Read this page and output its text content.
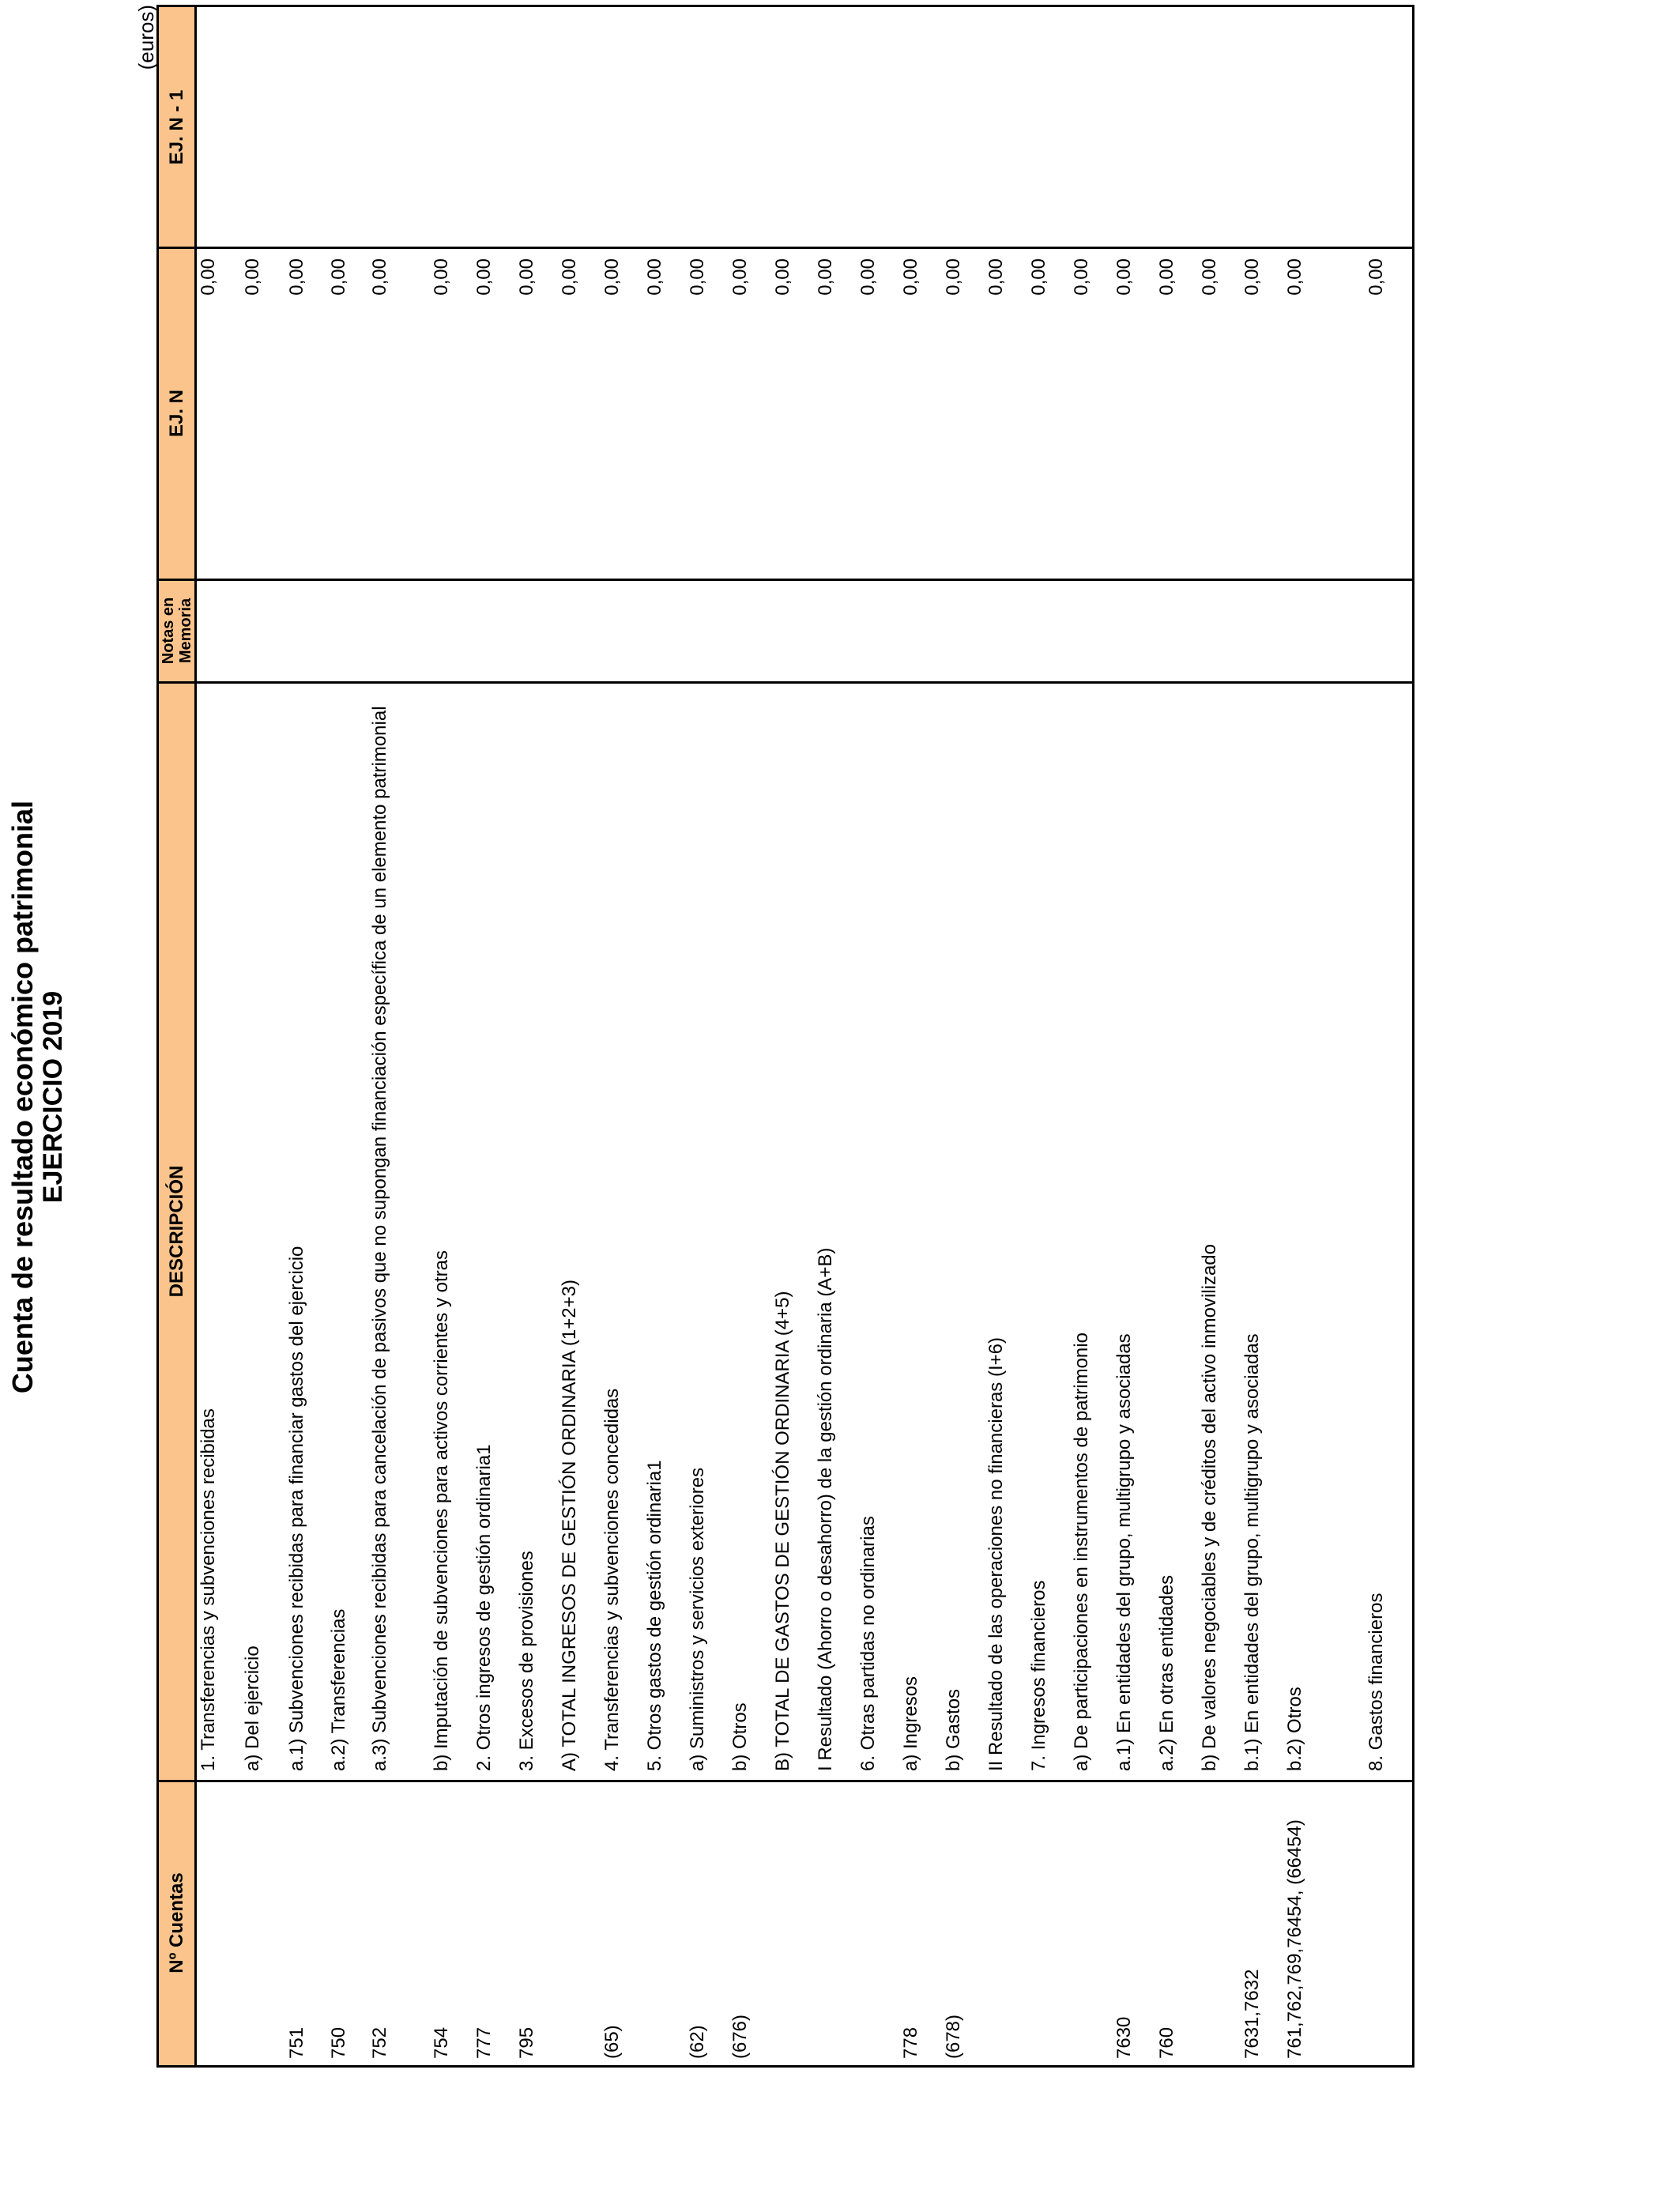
Cuenta de resultado económico patrimonial EJERCICIO 2019
(euros)
Nº Cuentas
DESCRIPCIÓN
Notas en Memoria
EJ. N
EJ. N - 1
1. Transferencias y subvenciones recibidas
0,00
a) Del ejercicio
0,00
751
a.1) Subvenciones recibidas para financiar gastos del ejercicio
0,00
750
a.2) Transferencias
0,00
752
a.3) Subvenciones recibidas para cancelación de pasivos que no supongan financiación específica de un elemento patrimonial
0,00
754
b) Imputación de subvenciones para activos corrientes y otras
0,00
777
2. Otros ingresos de gestión ordinaria1
0,00
795
3. Excesos de provisiones
0,00
A) TOTAL INGRESOS DE GESTIÓN ORDINARIA (1+2+3)
0,00
(65)
4. Transferencias y subvenciones concedidas
0,00
5. Otros gastos de gestión ordinaria1
0,00
(62)
a) Suministros y servicios exteriores
0,00
(676)
b) Otros
0,00
B) TOTAL DE GASTOS DE GESTIÓN ORDINARIA (4+5)
0,00
I Resultado (Ahorro o desahorro) de la gestión ordinaria (A+B)
0,00
6. Otras partidas no ordinarias
0,00
778
a) Ingresos
0,00
(678)
b) Gastos
0,00
II Resultado de las operaciones no financieras (I+6)
0,00
7. Ingresos financieros
0,00
a) De participaciones en instrumentos de patrimonio
0,00
7630
a.1) En entidades del grupo, multigrupo y asociadas
0,00
760
a.2) En otras entidades
0,00
b) De valores negociables y de créditos del activo inmovilizado
0,00
7631,7632
b.1) En entidades del grupo, multigrupo y asociadas
0,00
761,762,769,76454, (66454)
b.2) Otros
0,00
8. Gastos financieros
0,00
